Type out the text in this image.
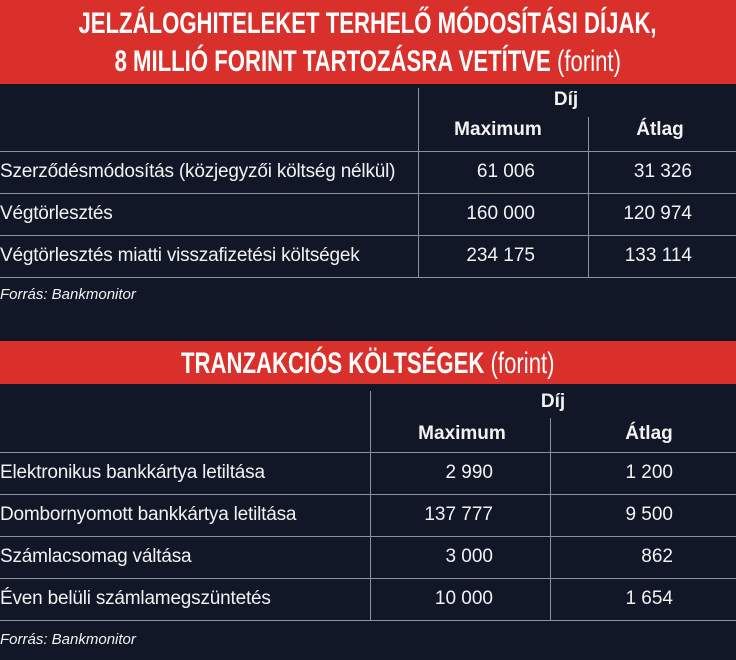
JELZÁLOGHITELEKET TERHELŐ MÓDOSÍTÁSI DÍJAK,
8 MILLIÓ FORINT TARTOZÁSRA VETÍTVE (forint)
Díj
Maximum	Átlag
Szerződésmódosítás (közjegyzői költség nélkül)	61 006	31 326
Végtörlesztés	160 000	120 974
Végtörlesztés miatti visszafizetési költségek	234 175	133 114
Forrás: Bankmonitor
TRANZAKCIÓS KÖLTSÉGEK (forint)
Díj
Maximum	Átlag
Elektronikus bankkártya letiltása	2 990	1 200
Dombornyomott bankkártya letiltása	137 777	9 500
Számlacsomag váltása	3 000	862
Éven belüli számlamegszüntetés	10 000	1 654
Forrás: Bankmonitor
